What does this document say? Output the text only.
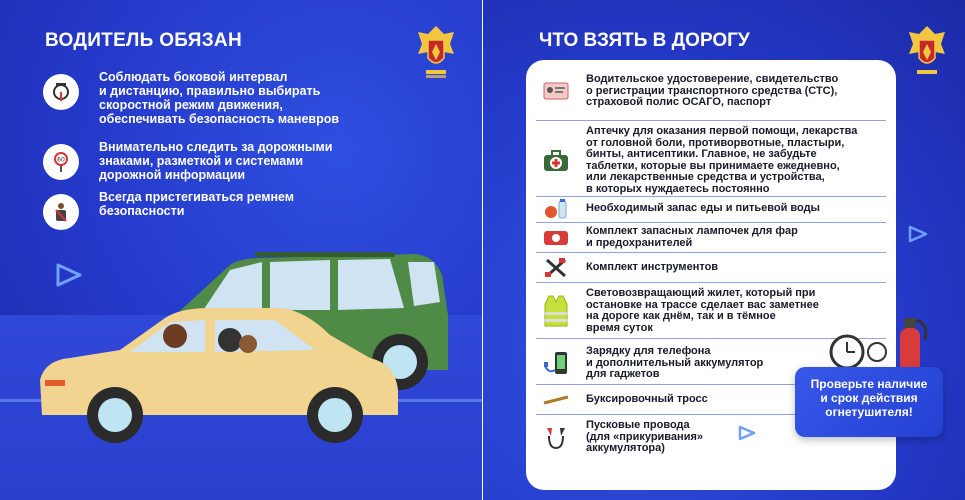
ВОДИТЕЛЬ ОБЯЗАН
Соблюдать боковой интервал
и дистанцию, правильно выбирать
скоростной режим движения,
обеспечивать безопасность маневров
60
Внимательно следить за дорожными
знаками, разметкой и системами
дорожной информации
Всегда пристегиваться ремнем
безопасности
ЧТО ВЗЯТЬ В ДОРОГУ
Водительское удостоверение, свидетельство
о регистрации транспортного средства (СТС),
страховой полис ОСАГО, паспорт
Аптечку для оказания первой помощи, лекарства
от головной боли, противорвотные, пластыри,
бинты, антисептики. Главное, не забудьте
таблетки, которые вы принимаете ежедневно,
или лекарственные средства и устройства,
в которых нуждаетесь постоянно
Необходимый запас еды и питьевой воды
Комплект запасных лампочек для фар
и предохранителей
Комплект инструментов
Световозвращающий жилет, который при
остановке на трассе сделает вас заметнее
на дороге как днём, так и в тёмное
время суток
Зарядку для телефона
и дополнительный аккумулятор
для гаджетов
Буксировочный тросс
Пусковые провода
(для «прикуривания»
аккумулятора)
Проверьте наличие
и срок действия
огнетушителя!
